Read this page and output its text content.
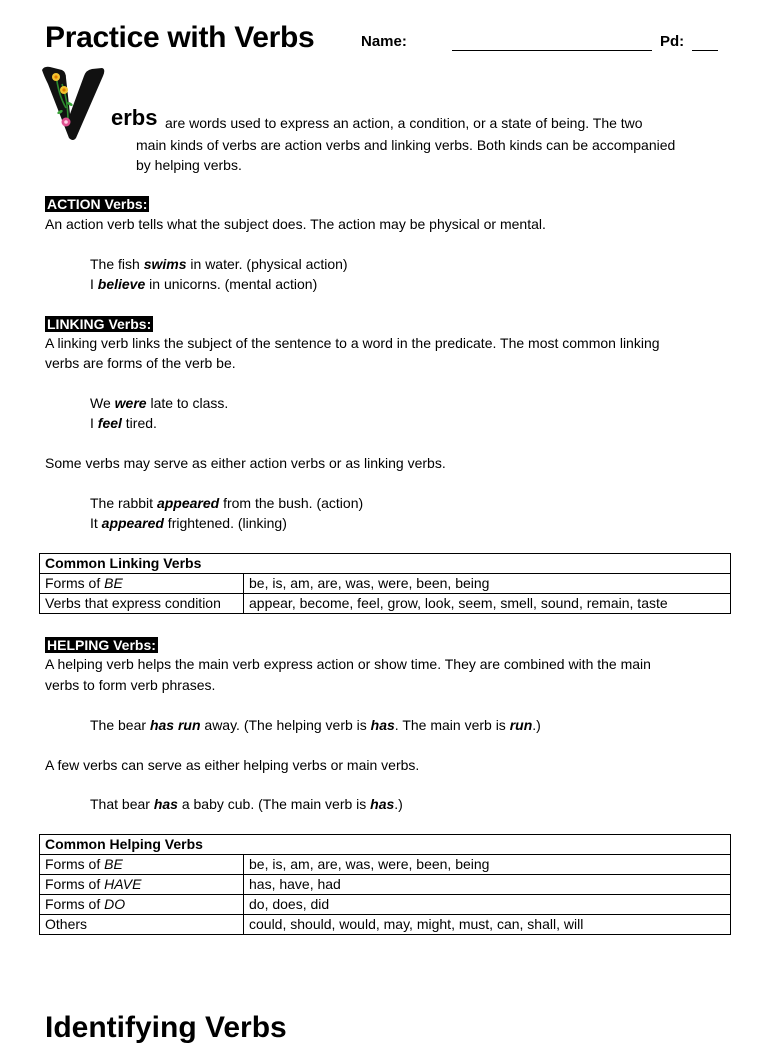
Practice with Verbs	Name:	Pd:
erbs are words used to express an action, a condition, or a state of being. The two
main kinds of verbs are action verbs and linking verbs. Both kinds can be accompanied
by helping verbs.
ACTION Verbs:
An action verb tells what the subject does. The action may be physical or mental.
The fish swims in water. (physical action)
I believe in unicorns. (mental action)
LINKING Verbs:
A linking verb links the subject of the sentence to a word in the predicate. The most common linking
verbs are forms of the verb be.
We were late to class.
I feel tired.
Some verbs may serve as either action verbs or as linking verbs.
The rabbit appeared from the bush. (action)
It appeared frightened. (linking)
Common Linking Verbs	
Forms of BE	be, is, am, are, was, were, been, being
Verbs that express condition	appear, become, feel, grow, look, seem, smell, sound, remain, taste
HELPING Verbs:
A helping verb helps the main verb express action or show time. They are combined with the main
verbs to form verb phrases.
The bear has run away. (The helping verb is has. The main verb is run.)
A few verbs can serve as either helping verbs or main verbs.
That bear has a baby cub. (The main verb is has.)
Common Helping Verbs	
Forms of BE	be, is, am, are, was, were, been, being
Forms of HAVE	has, have, had
Forms of DO	do, does, did
Others	could, should, would, may, might, must, can, shall, will
Identifying Verbs
